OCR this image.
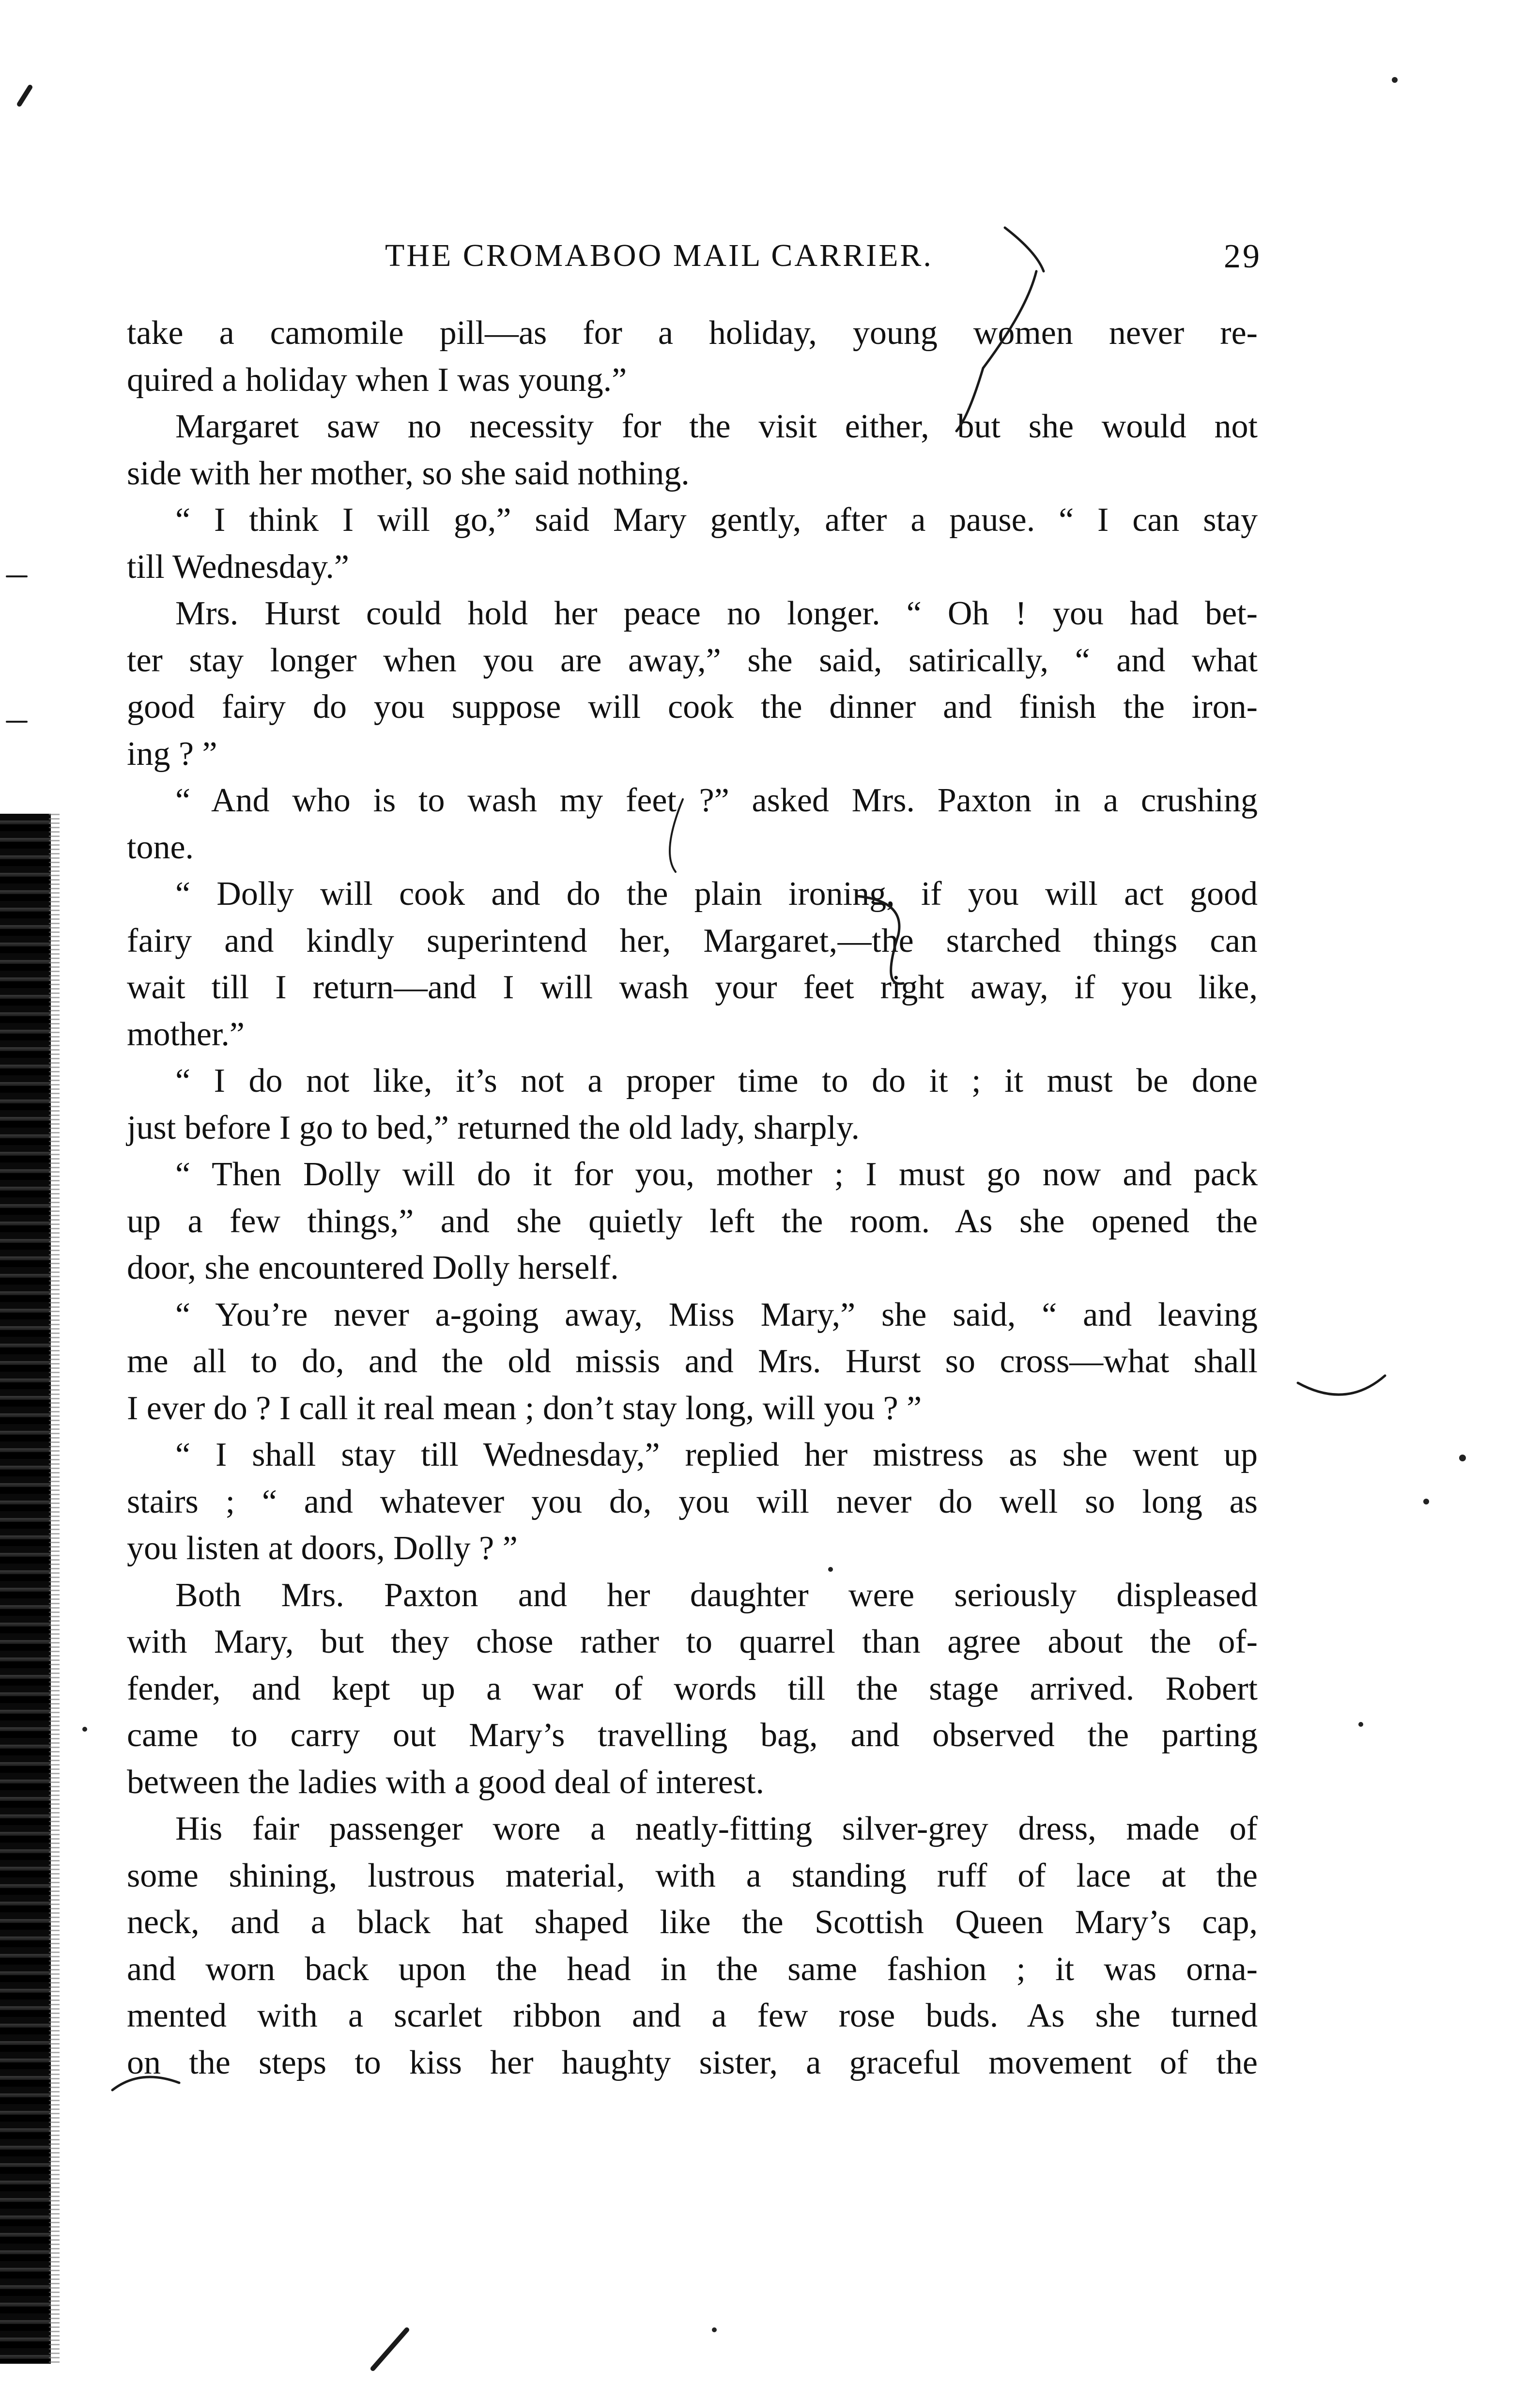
THE CROMABOO MAIL CARRIER.	29
take a camomile pill—as for a holiday, young women never re-
quired a holiday when I was young.”
Margaret saw no necessity for the visit either, but she would not
side with her mother, so she said nothing.
“ I think I will go,” said Mary gently, after a pause. “ I can stay
till Wednesday.”
Mrs. Hurst could hold her peace no longer. “ Oh ! you had bet-
ter stay longer when you are away,” she said, satirically, “ and what
good fairy do you suppose will cook the dinner and finish the iron-
ing ? ”
“ And who is to wash my feet ?” asked Mrs. Paxton in a crushing
tone.
“ Dolly will cook and do the plain ironing, if you will act good
fairy and kindly superintend her, Margaret,—the starched things can
wait till I return—and I will wash your feet right away, if you like,
mother.”
“ I do not like, it’s not a proper time to do it ; it must be done
just before I go to bed,” returned the old lady, sharply.
“ Then Dolly will do it for you, mother ; I must go now and pack
up a few things,” and she quietly left the room. As she opened the
door, she encountered Dolly herself.
“ You’re never a-going away, Miss Mary,” she said, “ and leaving
me all to do, and the old missis and Mrs. Hurst so cross—what shall
I ever do ? I call it real mean ; don’t stay long, will you ? ”
“ I shall stay till Wednesday,” replied her mistress as she went up
stairs ; “ and whatever you do, you will never do well so long as
you listen at doors, Dolly ? ”
Both Mrs. Paxton and her daughter were seriously displeased
with Mary, but they chose rather to quarrel than agree about the of-
fender, and kept up a war of words till the stage arrived. Robert
came to carry out Mary’s travelling bag, and observed the parting
between the ladies with a good deal of interest.
His fair passenger wore a neatly-fitting silver-grey dress, made of
some shining, lustrous material, with a standing ruff of lace at the
neck, and a black hat shaped like the Scottish Queen Mary’s cap,
and worn back upon the head in the same fashion ; it was orna-
mented with a scarlet ribbon and a few rose buds. As she turned
on the steps to kiss her haughty sister, a graceful movement of the
